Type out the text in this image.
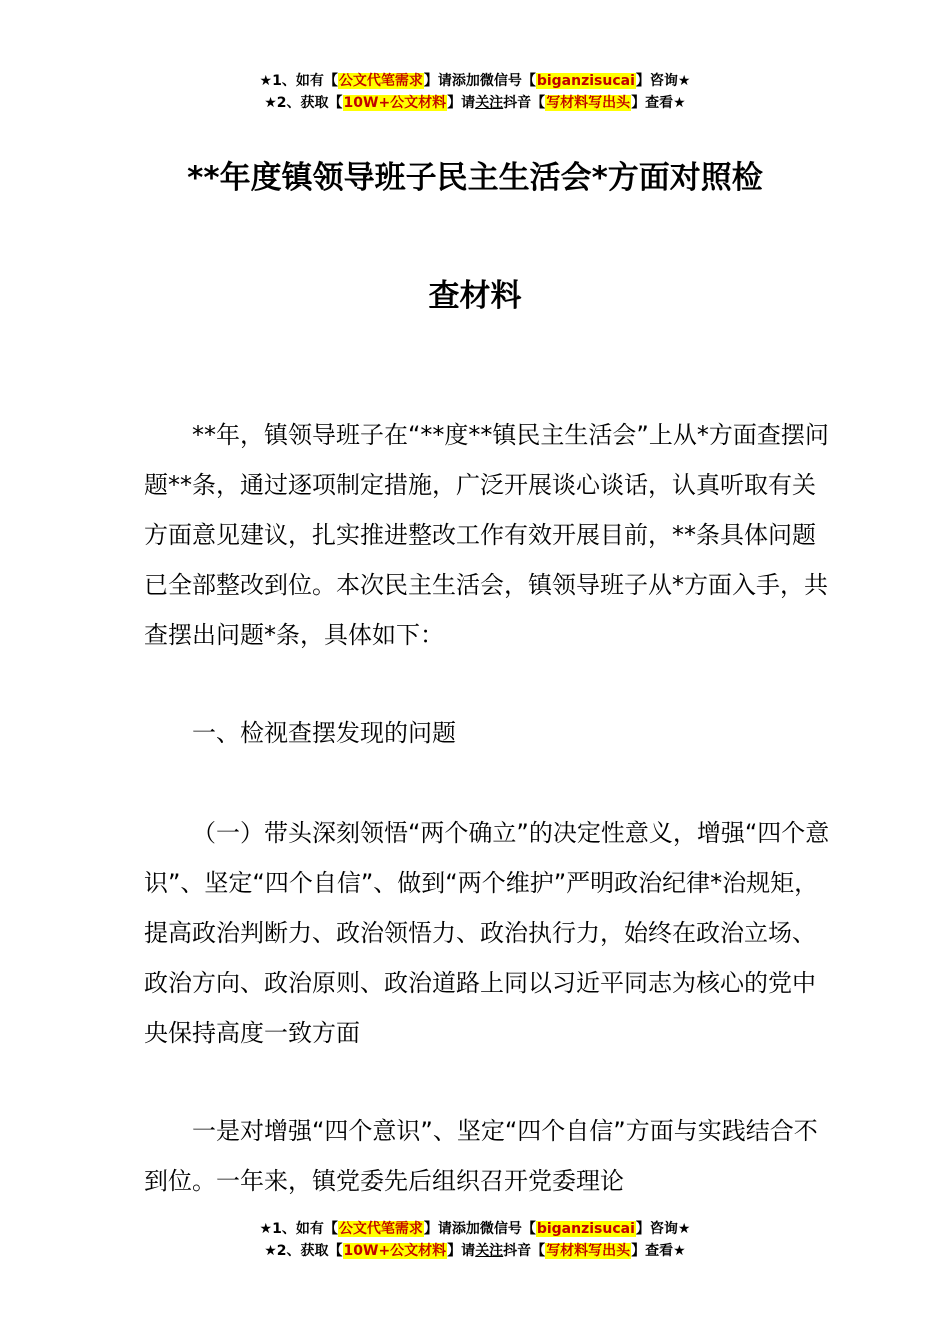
★1、如有【公文代笔需求】请添加微信号【biganzisucai】咨询★
★2、获取【10W+公文材料】请关注抖音【写材料写出头】查看★
**年度镇领导班子民主生活会*方面对照检
查材料

**年，镇领导班子在“**度**镇民主生活会”上从*方面查摆问题**条，通过逐项制定措施，广泛开展谈心谈话，认真听取有关方面意见建议，扎实推进整改工作有效开展目前，**条具体问题已全部整改到位。本次民主生活会，镇领导班子从*方面入手，共查摆出问题*条，具体如下：

一、检视查摆发现的问题

（一）带头深刻领悟“两个确立”的决定性意义，增强“四个意识”、坚定“四个自信”、做到“两个维护”严明政治纪律*治规矩，提高政治判断力、政治领悟力、政治执行力，始终在政治立场、政治方向、政治原则、政治道路上同以习近平同志为核心的党中央保持高度一致方面

一是对增强“四个意识”、坚定“四个自信”方面与实践结合不到位。一年来，镇党委先后组织召开党委理论

★1、如有【公文代笔需求】请添加微信号【biganzisucai】咨询★
★2、获取【10W+公文材料】请关注抖音【写材料写出头】查看★
